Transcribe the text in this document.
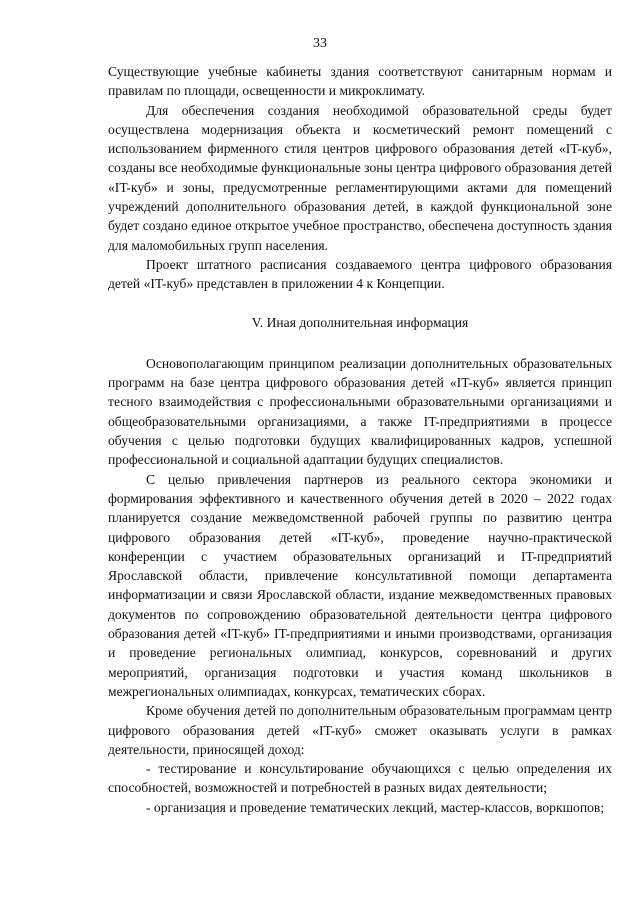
33

Существующие учебные кабинеты здания соответствуют санитарным нормам и правилам по площади, освещенности и микроклимату.

Для обеспечения создания необходимой образовательной среды будет осуществлена модернизация объекта и косметический ремонт помещений с использованием фирменного стиля центров цифрового образования детей «IT-куб», созданы все необходимые функциональные зоны центра цифрового образования детей «IT-куб» и зоны, предусмотренные регламентирующими актами для помещений учреждений дополнительного образования детей, в каждой функциональной зоне будет создано единое открытое учебное пространство, обеспечена доступность здания для маломобильных групп населения.

Проект штатного расписания создаваемого центра цифрового образования детей «IT-куб» представлен в приложении 4 к Концепции.

V. Иная дополнительная информация

Основополагающим принципом реализации дополнительных образовательных программ на базе центра цифрового образования детей «IT-куб» является принцип тесного взаимодействия с профессиональными образовательными организациями и общеобразовательными организациями, а также IT-предприятиями в процессе обучения с целью подготовки будущих квалифицированных кадров, успешной профессиональной и социальной адаптации будущих специалистов.

С целью привлечения партнеров из реального сектора экономики и формирования эффективного и качественного обучения детей в 2020 – 2022 годах планируется создание межведомственной рабочей группы по развитию центра цифрового образования детей «IT-куб», проведение научно-практической конференции с участием образовательных организаций и IT-предприятий Ярославской области, привлечение консультативной помощи департамента информатизации и связи Ярославской области, издание межведомственных правовых документов по сопровождению образовательной деятельности центра цифрового образования детей «IT-куб» IT-предприятиями и иными производствами, организация и проведение региональных олимпиад, конкурсов, соревнований и других мероприятий, организация подготовки и участия команд школьников в межрегиональных олимпиадах, конкурсах, тематических сборах.

Кроме обучения детей по дополнительным образовательным программам центр цифрового образования детей «IT-куб» сможет оказывать услуги в рамках деятельности, приносящей доход:

- тестирование и консультирование обучающихся с целью определения их способностей, возможностей и потребностей в разных видах деятельности;

- организация и проведение тематических лекций, мастер-классов, воркшопов;
